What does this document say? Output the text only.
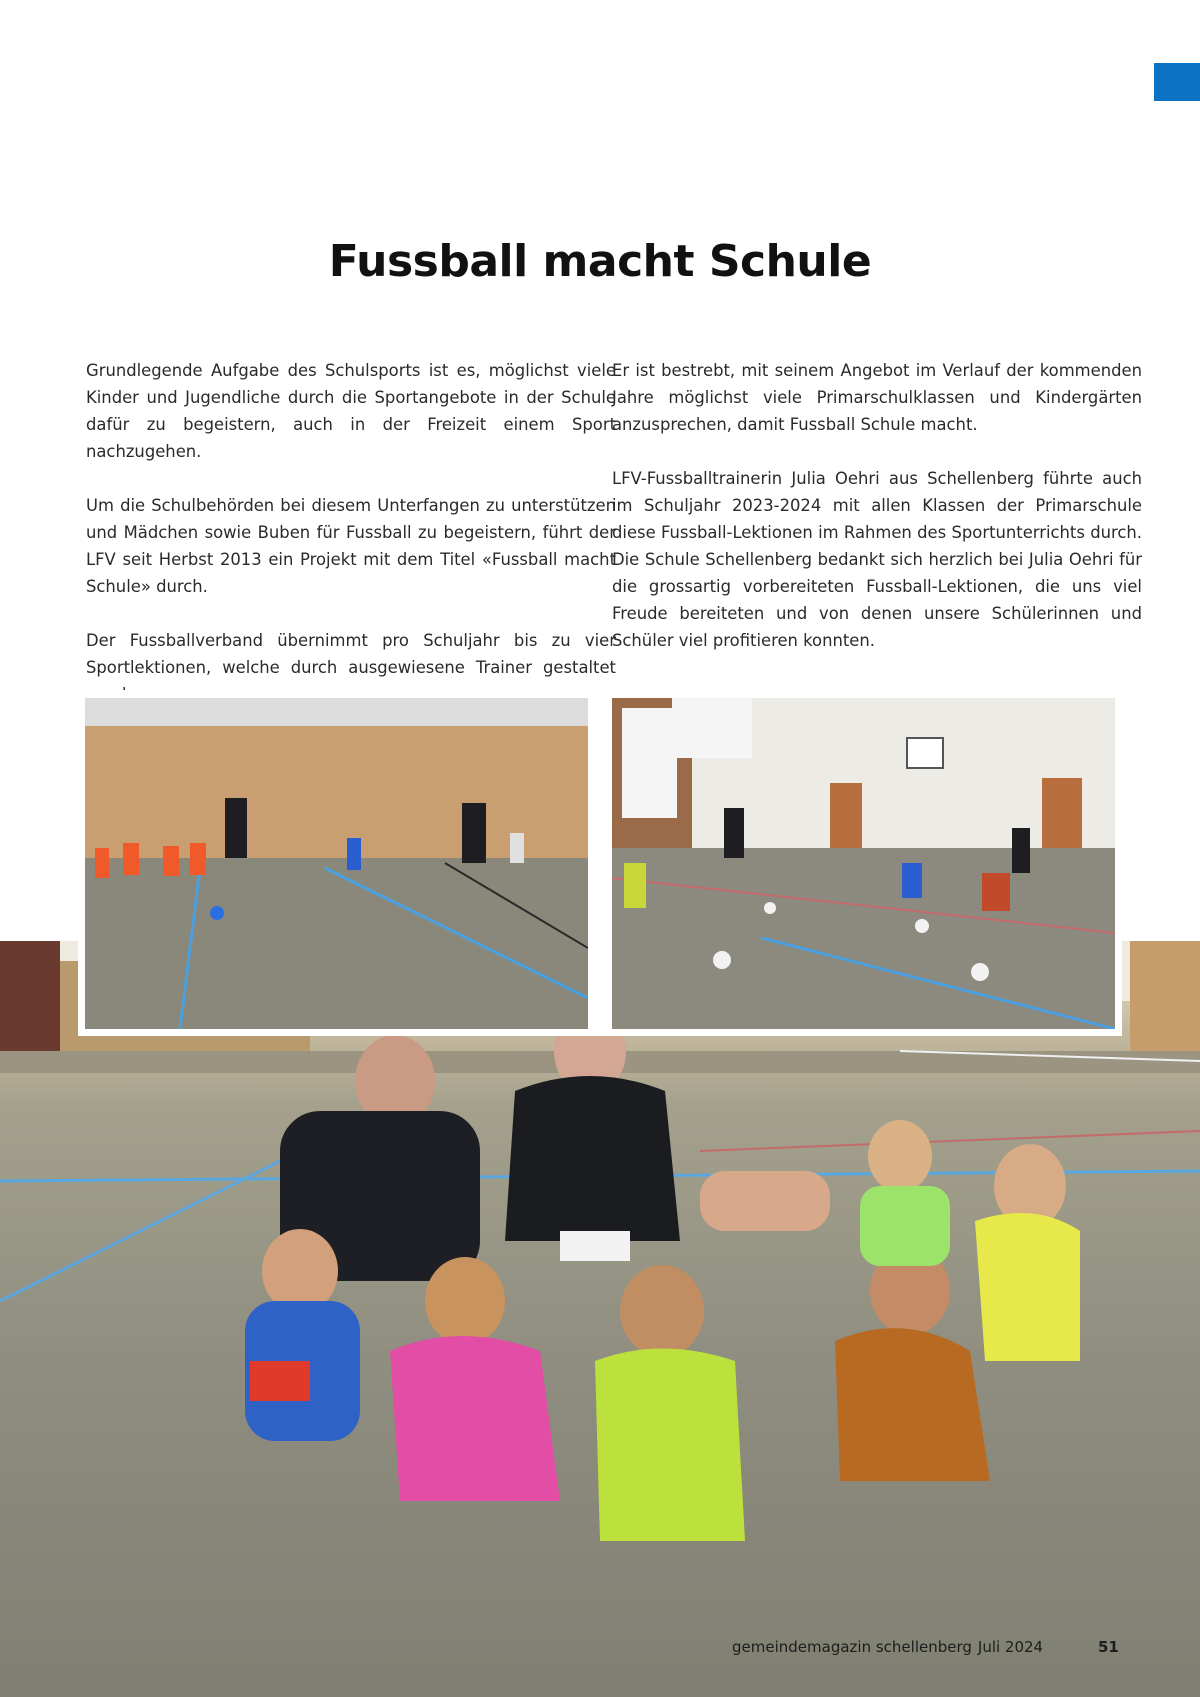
Fussball macht Schule

Grundlegende Aufgabe des Schulsports ist es, möglichst viele Kinder und Jugendliche durch die Sportangebote in der Schule dafür zu begeistern, auch in der Freizeit einem Sport nachzugehen.

Um die Schulbehörden bei diesem Unterfangen zu unterstützen und Mädchen sowie Buben für Fussball zu begeistern, führt der LFV seit Herbst 2013 ein Projekt mit dem Titel «Fussball macht Schule» durch.

Der Fussballverband übernimmt pro Schuljahr bis zu vier Sportlektionen, welche durch ausgewiesene Trainer gestaltet

Er ist bestrebt, mit seinem Angebot im Verlauf der kommenden Jahre möglichst viele Primarschulklassen und Kindergärten anzusprechen, damit Fussball Schule macht.

LFV-Fussballtrainerin Julia Oehri aus Schellenberg führte auch im Schuljahr 2023-2024 mit allen Klassen der Primarschule diese Fussball-Lektionen im Rahmen des Sportunterrichts durch. Die Schule Schellenberg bedankt sich herzlich bei Julia Oehri für die grossartig vorbereiteten Fussball-Lektionen, die uns viel Freude bereiteten und von denen unsere Schülerinnen und Schüler viel profitieren konnten.

gemeindemagazin schellenberg Juli 2024	51
